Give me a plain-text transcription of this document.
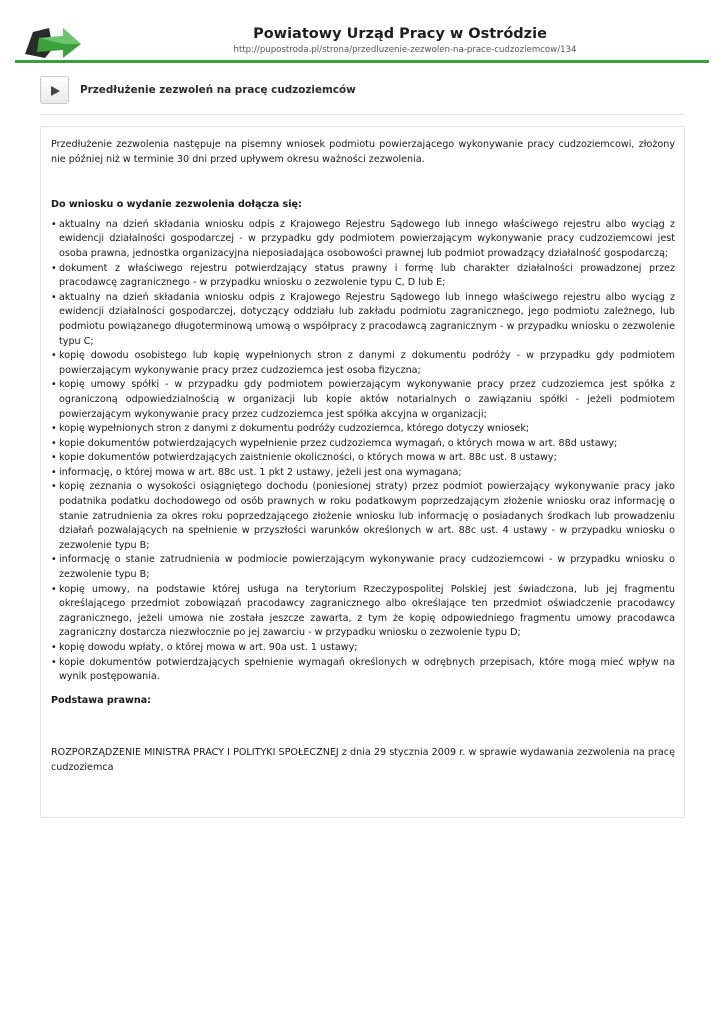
Powiatowy Urząd Pracy w Ostródzie
http://pupostroda.pl/strona/przedluzenie-zezwolen-na-prace-cudzoziemcow/134
Przedłużenie zezwoleń na pracę cudzoziemców

Przedłużenie zezwolenia następuje na pisemny wniosek podmiotu powierzającego wykonywanie pracy cudzoziemcowi, złożony nie później niż w terminie 30 dni przed upływem okresu ważności zezwolenia.

Do wniosku o wydanie zezwolenia dołącza się:

• aktualny na dzień składania wniosku odpis z Krajowego Rejestru Sądowego lub innego właściwego rejestru albo wyciąg z ewidencji działalności gospodarczej - w przypadku gdy podmiotem powierzającym wykonywanie pracy cudzoziemcowi jest osoba prawna, jednostka organizacyjna nieposiadająca osobowości prawnej lub podmiot prowadzący działalność gospodarczą;
• dokument z właściwego rejestru potwierdzający status prawny i formę lub charakter działalności prowadzonej przez pracodawcę zagranicznego - w przypadku wniosku o zezwolenie typu C, D lub E;
• aktualny na dzień składania wniosku odpis z Krajowego Rejestru Sądowego lub innego właściwego rejestru albo wyciąg z ewidencji działalności gospodarczej, dotyczący oddziału lub zakładu podmiotu zagranicznego, jego podmiotu zależnego, lub podmiotu powiązanego długoterminową umową o współpracy z pracodawcą zagranicznym - w przypadku wniosku o zezwolenie typu C;
• kopię dowodu osobistego lub kopię wypełnionych stron z danymi z dokumentu podróży - w przypadku gdy podmiotem powierzającym wykonywanie pracy przez cudzoziemca jest osoba fizyczna;
• kopię umowy spółki - w przypadku gdy podmiotem powierzającym wykonywanie pracy przez cudzoziemca jest spółka z ograniczoną odpowiedzialnością w organizacji lub kopie aktów notarialnych o zawiązaniu spółki - jeżeli podmiotem powierzającym wykonywanie pracy przez cudzoziemca jest spółka akcyjna w organizacji;
• kopię wypełnionych stron z danymi z dokumentu podróży cudzoziemca, którego dotyczy wniosek;
• kopie dokumentów potwierdzających wypełnienie przez cudzoziemca wymagań, o których mowa w art. 88d ustawy;
• kopie dokumentów potwierdzających zaistnienie okoliczności, o których mowa w art. 88c ust. 8 ustawy;
• informację, o której mowa w art. 88c ust. 1 pkt 2 ustawy, jeżeli jest ona wymagana;
• kopię zeznania o wysokości osiągniętego dochodu (poniesionej straty) przez podmiot powierzający wykonywanie pracy jako podatnika podatku dochodowego od osób prawnych w roku podatkowym poprzedzającym złożenie wniosku oraz informację o stanie zatrudnienia za okres roku poprzedzającego złożenie wniosku lub informację o posiadanych środkach lub prowadzeniu działań pozwalających na spełnienie w przyszłości warunków określonych w art. 88c ust. 4 ustawy - w przypadku wniosku o zezwolenie typu B;
• informację o stanie zatrudnienia w podmiocie powierzającym wykonywanie pracy cudzoziemcowi - w przypadku wniosku o zezwolenie typu B;
• kopię umowy, na podstawie której usługa na terytorium Rzeczypospolitej Polskiej jest świadczona, lub jej fragmentu określającego przedmiot zobowiązań pracodawcy zagranicznego albo określające ten przedmiot oświadczenie pracodawcy zagranicznego, jeżeli umowa nie została jeszcze zawarta, z tym że kopię odpowiedniego fragmentu umowy pracodawca zagraniczny dostarcza niezwłocznie po jej zawarciu - w przypadku wniosku o zezwolenie typu D;
• kopię dowodu wpłaty, o której mowa w art. 90a ust. 1 ustawy;
• kopie dokumentów potwierdzających spełnienie wymagań określonych w odrębnych przepisach, które mogą mieć wpływ na wynik postępowania.

Podstawa prawna:

ROZPORZĄDZENIE MINISTRA PRACY I POLITYKI SPOŁECZNEJ z dnia 29 stycznia 2009 r. w sprawie wydawania zezwolenia na pracę cudzoziemca
